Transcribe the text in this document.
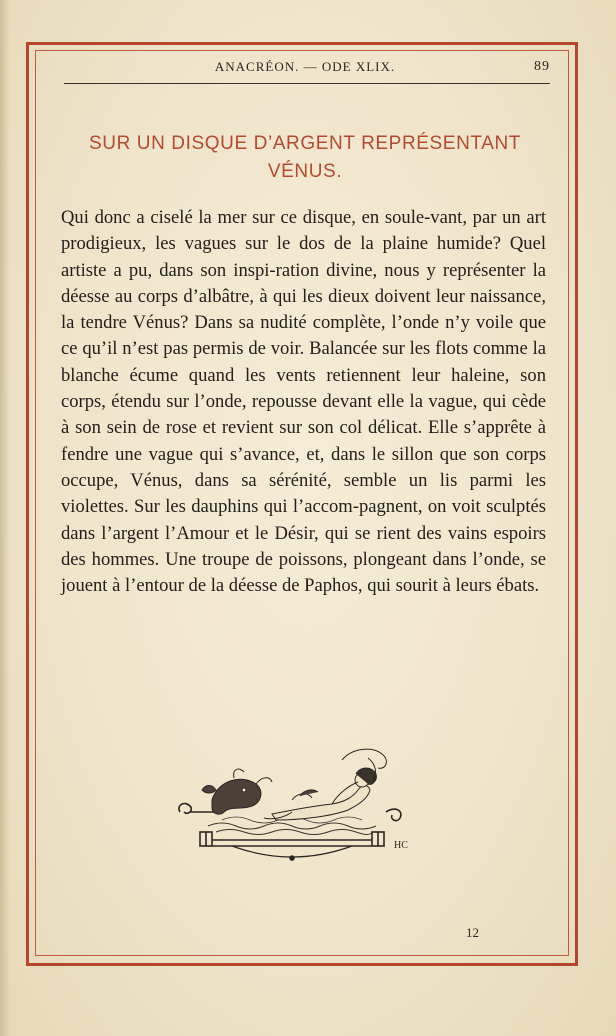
ANACRÉON. — ODE XLIX.	89
SUR UN DISQUE D’ARGENT REPRÉSENTANT
VÉNUS.
Qui donc a ciselé la mer sur ce disque, en soule-vant, par un art prodigieux, les vagues sur le dos de la plaine humide? Quel artiste a pu, dans son inspi-ration divine, nous y représenter la déesse au corps d’albâtre, à qui les dieux doivent leur naissance, la tendre Vénus? Dans sa nudité complète, l’onde n’y voile que ce qu’il n’est pas permis de voir. Balancée sur les flots comme la blanche écume quand les vents retiennent leur haleine, son corps, étendu sur l’onde, repousse devant elle la vague, qui cède à son sein de rose et revient sur son col délicat. Elle s’apprête à fendre une vague qui s’avance, et, dans le sillon que son corps occupe, Vénus, dans sa sérénité, semble un lis parmi les violettes. Sur les dauphins qui l’accom-pagnent, on voit sculptés dans l’argent l’Amour et le Désir, qui se rient des vains espoirs des hommes. Une troupe de poissons, plongeant dans l’onde, se jouent à l’entour de la déesse de Paphos, qui sourit à leurs ébats.
HC
12
